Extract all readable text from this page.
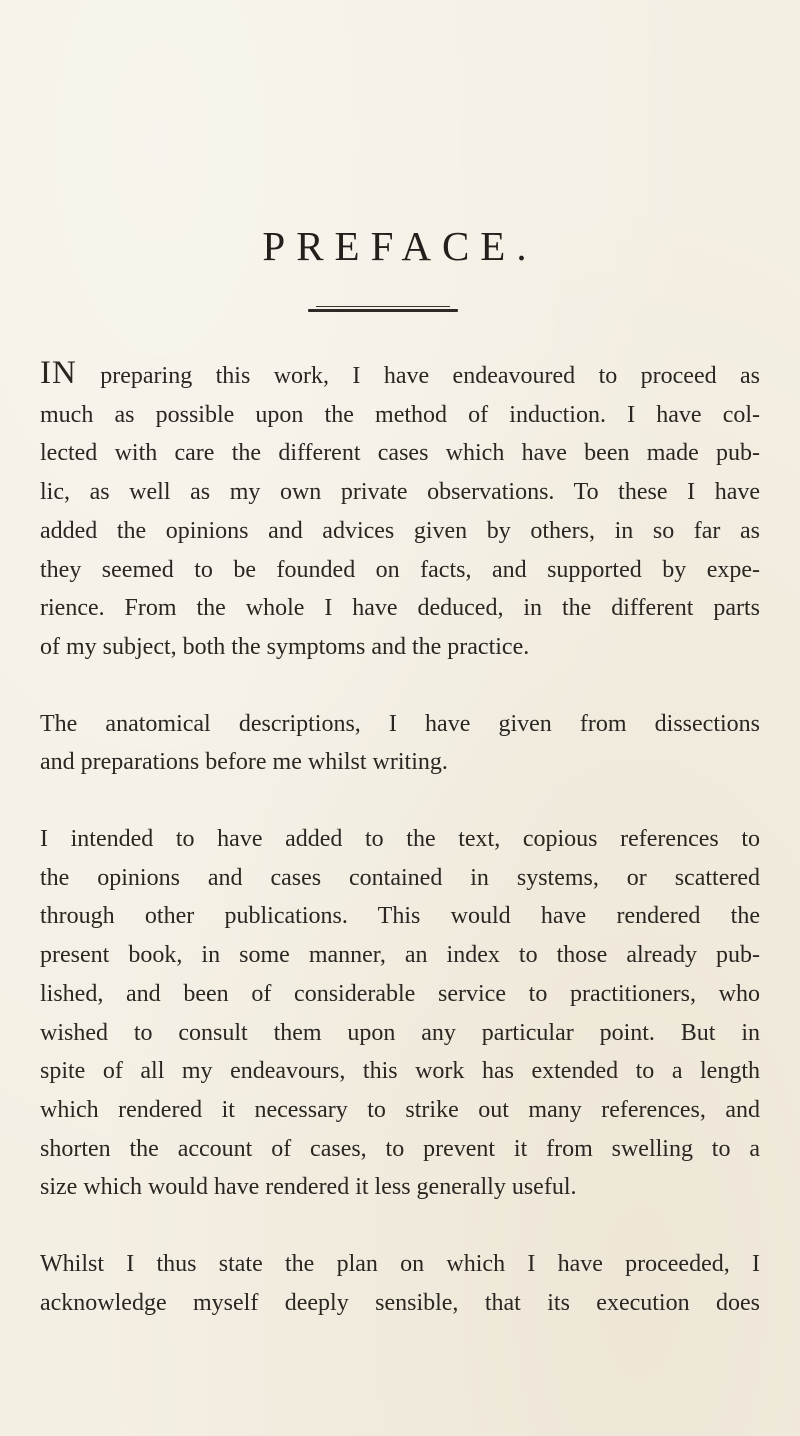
PREFACE.

IN preparing this work, I have endeavoured to proceed as
much as possible upon the method of induction. I have col-
lected with care the different cases which have been made pub-
lic, as well as my own private observations. To these I have
added the opinions and advices given by others, in so far as
they seemed to be founded on facts, and supported by expe-
rience. From the whole I have deduced, in the different parts
of my subject, both the symptoms and the practice.

The anatomical descriptions, I have given from dissections
and preparations before me whilst writing.

I intended to have added to the text, copious references to
the opinions and cases contained in systems, or scattered
through other publications. This would have rendered the
present book, in some manner, an index to those already pub-
lished, and been of considerable service to practitioners, who
wished to consult them upon any particular point. But in
spite of all my endeavours, this work has extended to a length
which rendered it necessary to strike out many references, and
shorten the account of cases, to prevent it from swelling to a
size which would have rendered it less generally useful.

Whilst I thus state the plan on which I have proceeded, I
acknowledge myself deeply sensible, that its execution does
